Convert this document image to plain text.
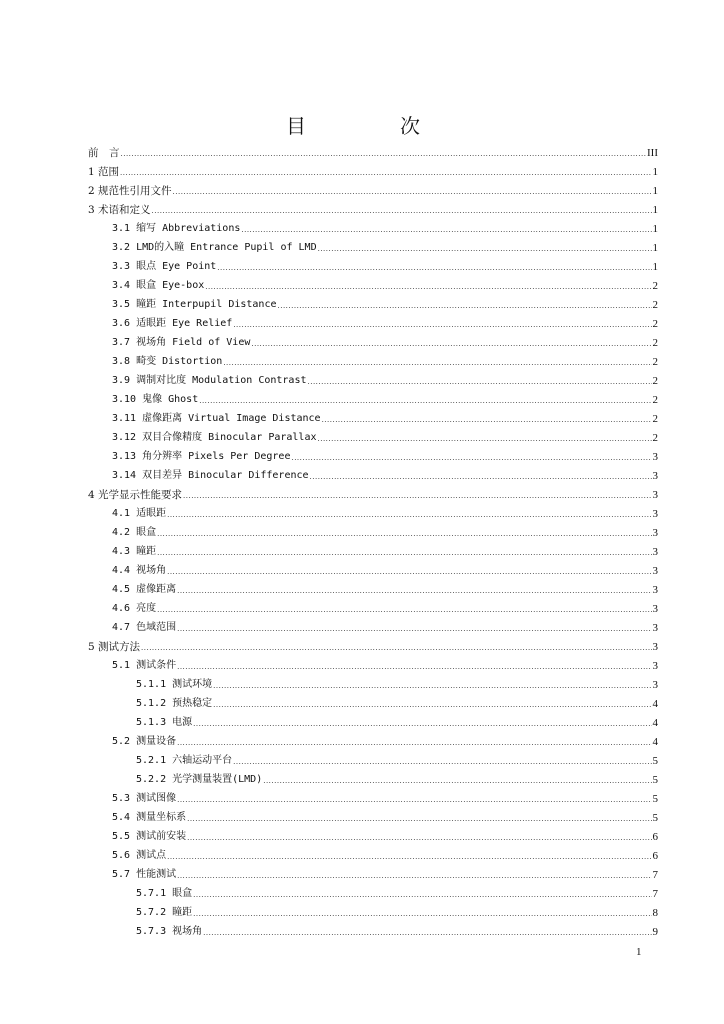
目　　次
前　言 .....	III
1 范围 .....	1
2 规范性引用文件 .....	1
3 术语和定义 .....	1
3.1 缩写 Abbreviations .....	1
3.2 LMD的入瞳 Entrance Pupil of LMD .....	1
3.3 眼点 Eye Point .....	1
3.4 眼盒 Eye-box .....	2
3.5 瞳距 Interpupil Distance .....	2
3.6 适眼距 Eye Relief .....	2
3.7 视场角 Field of View .....	2
3.8 畸变 Distortion .....	2
3.9 调制对比度 Modulation Contrast .....	2
3.10 鬼像 Ghost .....	2
3.11 虚像距离 Virtual Image Distance .....	2
3.12 双目合像精度 Binocular Parallax .....	2
3.13 角分辨率 Pixels Per Degree .....	3
3.14 双目差异 Binocular Difference .....	3
4 光学显示性能要求 .....	3
4.1 适眼距 .....	3
4.2 眼盒 .....	3
4.3 瞳距 .....	3
4.4 视场角 .....	3
4.5 虚像距离 .....	3
4.6 亮度 .....	3
4.7 色域范围 .....	3
5 测试方法 .....	3
5.1 测试条件 .....	3
5.1.1 测试环境 .....	3
5.1.2 预热稳定 .....	4
5.1.3 电源 .....	4
5.2 测量设备 .....	4
5.2.1 六轴运动平台 .....	5
5.2.2 光学测量装置(LMD) .....	5
5.3 测试图像 .....	5
5.4 测量坐标系 .....	5
5.5 测试前安装 .....	6
5.6 测试点 .....	6
5.7 性能测试 .....	7
5.7.1 眼盒 .....	7
5.7.2 瞳距 .....	8
5.7.3 视场角 .....	9
1
